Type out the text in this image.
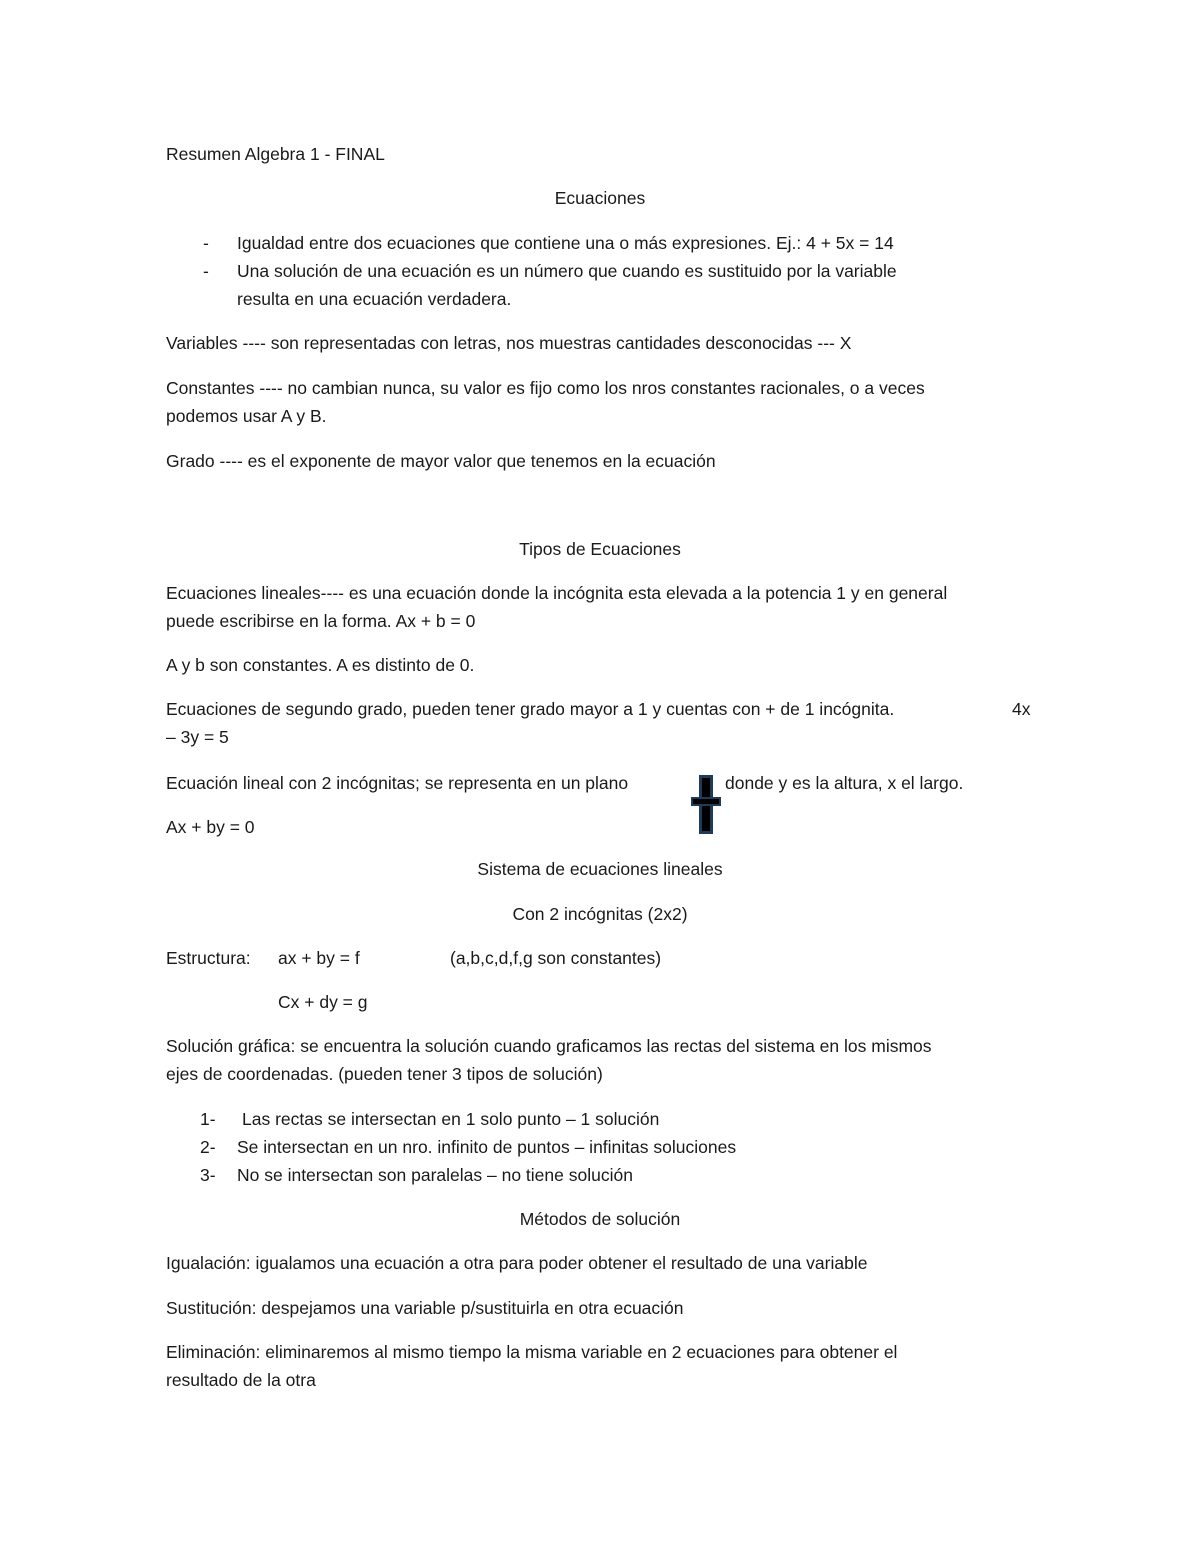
Resumen Algebra 1 - FINAL
Ecuaciones
- Igualdad entre dos ecuaciones que contiene una o más expresiones. Ej.: 4 + 5x = 14
- Una solución de una ecuación es un número que cuando es sustituido por la variable
resulta en una ecuación verdadera.
Variables ---- son representadas con letras, nos muestras cantidades desconocidas --- X
Constantes ---- no cambian nunca, su valor es fijo como los nros constantes racionales, o a veces
podemos usar A y B.
Grado ---- es el exponente de mayor valor que tenemos en la ecuación
Tipos de Ecuaciones
Ecuaciones lineales---- es una ecuación donde la incógnita esta elevada a la potencia 1 y en general
puede escribirse en la forma. Ax + b = 0
A y b son constantes. A es distinto de 0.
Ecuaciones de segundo grado, pueden tener grado mayor a 1 y cuentas con + de 1 incógnita.	4x
– 3y = 5
Ecuación lineal con 2 incógnitas; se representa en un plano	donde y es la altura, x el largo.
Ax + by = 0
Sistema de ecuaciones lineales
Con 2 incógnitas (2x2)
Estructura: ax + by = f	(a,b,c,d,f,g son constantes)
Cx + dy = g
Solución gráfica: se encuentra la solución cuando graficamos las rectas del sistema en los mismos
ejes de coordenadas. (pueden tener 3 tipos de solución)
1- Las rectas se intersectan en 1 solo punto – 1 solución
2- Se intersectan en un nro. infinito de puntos – infinitas soluciones
3- No se intersectan son paralelas – no tiene solución
Métodos de solución
Igualación: igualamos una ecuación a otra para poder obtener el resultado de una variable
Sustitución: despejamos una variable p/sustituirla en otra ecuación
Eliminación: eliminaremos al mismo tiempo la misma variable en 2 ecuaciones para obtener el
resultado de la otra
